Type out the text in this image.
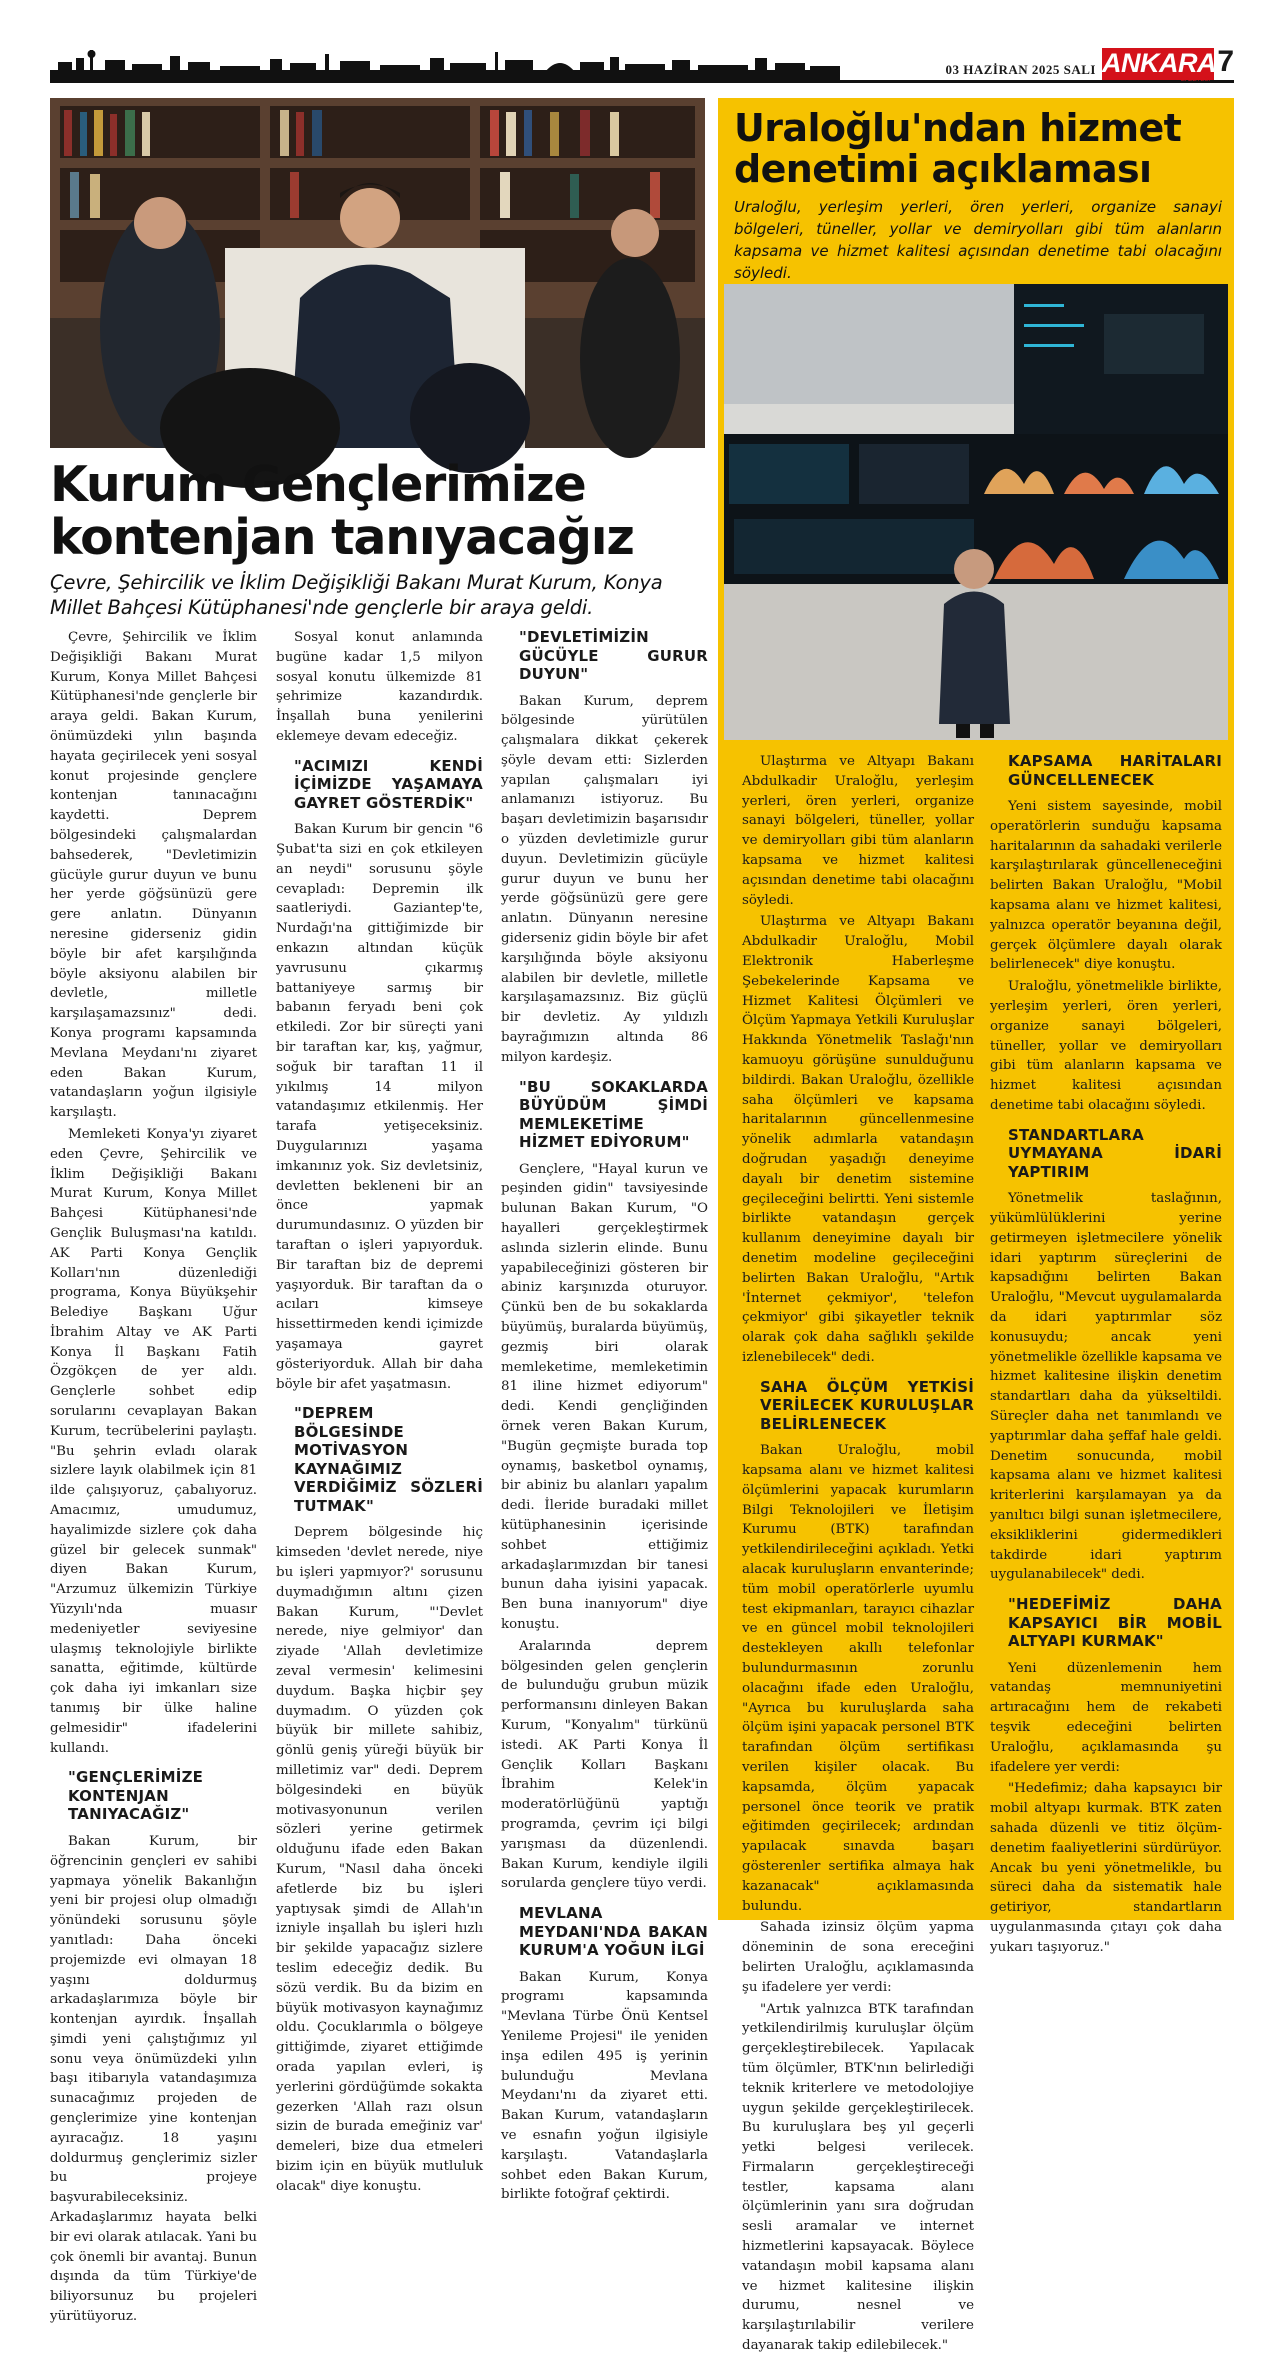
03 HAZİRAN 2025 SALI ANKARA
GAZETESİ
7
Kurum Gençlerimize
kontenjan tanıyacağız
Çevre, Şehircilik ve İklim Değişikliği Bakanı Murat Kurum, Konya Millet Bahçesi Kütüphanesi'nde gençlerle bir araya geldi.

Çevre, Şehircilik ve İklim Değişikliği Bakanı Murat Kurum, Konya Millet Bahçesi Kütüphanesi'nde gençlerle bir araya geldi. Bakan Kurum, önümüzdeki yılın başında hayata geçirilecek yeni sosyal konut projesinde gençlere kontenjan tanınacağını kaydetti. Deprem bölgesindeki çalışmalardan bahsederek, "Devletimizin gücüyle gurur duyun ve bunu her yerde göğsünüzü gere gere anlatın. Dünyanın neresine giderseniz gidin böyle bir afet karşılığında böyle aksiyonu alabilen bir devletle, milletle karşılaşamazsınız" dedi. Konya programı kapsamında Mevlana Meydanı'nı ziyaret eden Bakan Kurum, vatandaşların yoğun ilgisiyle karşılaştı.

Memleketi Konya'yı ziyaret eden Çevre, Şehircilik ve İklim Değişikliği Bakanı Murat Kurum, Konya Millet Bahçesi Kütüphanesi'nde Gençlik Buluşması'na katıldı. AK Parti Konya Gençlik Kolları'nın düzenlediği programa, Konya Büyükşehir Belediye Başkanı Uğur İbrahim Altay ve AK Parti Konya İl Başkanı Fatih Özgökçen de yer aldı. Gençlerle sohbet edip sorularını cevaplayan Bakan Kurum, tecrübelerini paylaştı. "Bu şehrin evladı olarak sizlere layık olabilmek için 81 ilde çalışıyoruz, çabalıyoruz. Amacımız, umudumuz, hayalimizde sizlere çok daha güzel bir gelecek sunmak" diyen Bakan Kurum, "Arzumuz ülkemizin Türkiye Yüzyılı'nda muasır medeniyetler seviyesine ulaşmış teknolojiyle birlikte sanatta, eğitimde, kültürde çok daha iyi imkanları size tanımış bir ülke haline gelmesidir" ifadelerini kullandı.

"GENÇLERİMİZE KONTENJAN TANIYACAĞIZ"

Bakan Kurum, bir öğrencinin gençleri ev sahibi yapmaya yönelik Bakanlığın yeni bir projesi olup olmadığı yönündeki sorusunu şöyle yanıtladı: Daha önceki projemizde evi olmayan 18 yaşını doldurmuş arkadaşlarımıza böyle bir kontenjan ayırdık. İnşallah şimdi yeni çalıştığımız yıl sonu veya önümüzdeki yılın başı itibarıyla vatandaşımıza sunacağımız projeden de gençlerimize yine kontenjan ayıracağız. 18 yaşını doldurmuş gençlerimiz sizler bu projeye başvurabileceksiniz. Arkadaşlarımız hayata belki bir evi olarak atılacak. Yani bu çok önemli bir avantaj. Bunun dışında da tüm Türkiye'de biliyorsunuz bu projeleri yürütüyoruz.

Sosyal konut anlamında bugüne kadar 1,5 milyon sosyal konutu ülkemizde 81 şehrimize kazandırdık. İnşallah buna yenilerini eklemeye devam edeceğiz.

"ACIMIZI KENDİ İÇİMİZDE YAŞAMAYA GAYRET GÖSTERDİK"

Bakan Kurum bir gencin "6 Şubat'ta sizi en çok etkileyen an neydi" sorusunu şöyle cevapladı: Depremin ilk saatleriydi. Gaziantep'te, Nurdağı'na gittiğimizde bir enkazın altından küçük yavrusunu çıkarmış battaniyeye sarmış bir babanın feryadı beni çok etkiledi. Zor bir süreçti yani bir taraftan kar, kış, yağmur, soğuk bir taraftan 11 il yıkılmış 14 milyon vatandaşımız etkilenmiş. Her tarafa yetişeceksiniz. Duygularınızı yaşama imkanınız yok. Siz devletsiniz, devletten bekleneni bir an önce yapmak durumundasınız. O yüzden bir taraftan o işleri yapıyorduk. Bir taraftan biz de depremi yaşıyorduk. Bir taraftan da o acıları kimseye hissettirmeden kendi içimizde yaşamaya gayret gösteriyorduk. Allah bir daha böyle bir afet yaşatmasın.

"DEPREM BÖLGESİNDE MOTİVASYON KAYNAĞIMIZ VERDİĞİMİZ SÖZLERİ TUTMAK"

Deprem bölgesinde hiç kimseden 'devlet nerede, niye bu işleri yapmıyor?' sorusunu duymadığımın altını çizen Bakan Kurum, "'Devlet nerede, niye gelmiyor' dan ziyade 'Allah devletimize zeval vermesin' kelimesini duydum. Başka hiçbir şey duymadım. O yüzden çok büyük bir millete sahibiz, gönlü geniş yüreği büyük bir milletimiz var" dedi. Deprem bölgesindeki en büyük motivasyonunun verilen sözleri yerine getirmek olduğunu ifade eden Bakan Kurum, "Nasıl daha önceki afetlerde biz bu işleri yaptıysak şimdi de Allah'ın izniyle inşallah bu işleri hızlı bir şekilde yapacağız sizlere teslim edeceğiz dedik. Bu sözü verdik. Bu da bizim en büyük motivasyon kaynağımız oldu. Çocuklarımla o bölgeye gittiğimde, ziyaret ettiğimde orada yapılan evleri, iş yerlerini gördüğümde sokakta gezerken 'Allah razı olsun sizin de burada emeğiniz var' demeleri, bize dua etmeleri bizim için en büyük mutluluk olacak" diye konuştu.

"DEVLETİMİZİN GÜCÜYLE GURUR DUYUN"

Bakan Kurum, deprem bölgesinde yürütülen çalışmalara dikkat çekerek şöyle devam etti: Sizlerden yapılan çalışmaları iyi anlamanızı istiyoruz. Bu başarı devletimizin başarısıdır o yüzden devletimizle gurur duyun. Devletimizin gücüyle gurur duyun ve bunu her yerde göğsünüzü gere gere anlatın. Dünyanın neresine giderseniz gidin böyle bir afet karşılığında böyle aksiyonu alabilen bir devletle, milletle karşılaşamazsınız. Biz güçlü bir devletiz. Ay yıldızlı bayrağımızın altında 86 milyon kardeşiz.

"BU SOKAKLARDA BÜYÜDÜM ŞİMDİ MEMLEKETİME HİZMET EDİYORUM"

Gençlere, "Hayal kurun ve peşinden gidin" tavsiyesinde bulunan Bakan Kurum, "O hayalleri gerçekleştirmek aslında sizlerin elinde. Bunu yapabileceğinizi gösteren bir abiniz karşınızda oturuyor. Çünkü ben de bu sokaklarda büyümüş, buralarda büyümüş, gezmiş biri olarak memleketime, memleketimin 81 iline hizmet ediyorum" dedi. Kendi gençliğinden örnek veren Bakan Kurum, "Bugün geçmişte burada top oynamış, basketbol oynamış, bir abiniz bu alanları yapalım dedi. İleride buradaki millet kütüphanesinin içerisinde sohbet ettiğimiz arkadaşlarımızdan bir tanesi bunun daha iyisini yapacak. Ben buna inanıyorum" diye konuştu.

Aralarında deprem bölgesinden gelen gençlerin de bulunduğu grubun müzik performansını dinleyen Bakan Kurum, "Konyalım" türkünü istedi. AK Parti Konya İl Gençlik Kolları Başkanı İbrahim Kelek'in moderatörlüğünü yaptığı programda, çevrim içi bilgi yarışması da düzenlendi. Bakan Kurum, kendiyle ilgili sorularda gençlere tüyo verdi.

MEVLANA MEYDANI'NDA BAKAN KURUM'A YOĞUN İLGİ

Bakan Kurum, Konya programı kapsamında "Mevlana Türbe Önü Kentsel Yenileme Projesi" ile yeniden inşa edilen 495 iş yerinin bulunduğu Mevlana Meydanı'nı da ziyaret etti. Bakan Kurum, vatandaşların ve esnafın yoğun ilgisiyle karşılaştı. Vatandaşlarla sohbet eden Bakan Kurum, birlikte fotoğraf çektirdi.

Uraloğlu'ndan hizmet denetimi açıklaması
Uraloğlu, yerleşim yerleri, ören yerleri, organize sanayi bölgeleri, tüneller, yollar ve demiryolları gibi tüm alanların kapsama ve hizmet kalitesi açısından denetime tabi olacağını söyledi.

Ulaştırma ve Altyapı Bakanı Abdulkadir Uraloğlu, yerleşim yerleri, ören yerleri, organize sanayi bölgeleri, tüneller, yollar ve demiryolları gibi tüm alanların kapsama ve hizmet kalitesi açısından denetime tabi olacağını söyledi.

Ulaştırma ve Altyapı Bakanı Abdulkadir Uraloğlu, Mobil Elektronik Haberleşme Şebekelerinde Kapsama ve Hizmet Kalitesi Ölçümleri ve Ölçüm Yapmaya Yetkili Kuruluşlar Hakkında Yönetmelik Taslağı'nın kamuoyu görüşüne sunulduğunu bildirdi. Bakan Uraloğlu, özellikle saha ölçümleri ve kapsama haritalarının güncellenmesine yönelik adımlarla vatandaşın doğrudan yaşadığı deneyime dayalı bir denetim sistemine geçileceğini belirtti. Yeni sistemle birlikte vatandaşın gerçek kullanım deneyimine dayalı bir denetim modeline geçileceğini belirten Bakan Uraloğlu, "Artık 'İnternet çekmiyor', 'telefon çekmiyor' gibi şikayetler teknik olarak çok daha sağlıklı şekilde izlenebilecek" dedi.

SAHA ÖLÇÜM YETKİSİ VERİLECEK KURULUŞLAR BELİRLENECEK

Bakan Uraloğlu, mobil kapsama alanı ve hizmet kalitesi ölçümlerini yapacak kurumların Bilgi Teknolojileri ve İletişim Kurumu (BTK) tarafından yetkilendirileceğini açıkladı. Yetki alacak kuruluşların envanterinde; tüm mobil operatörlerle uyumlu test ekipmanları, tarayıcı cihazlar ve en güncel mobil teknolojileri destekleyen akıllı telefonlar bulundurmasının zorunlu olacağını ifade eden Uraloğlu, "Ayrıca bu kuruluşlarda saha ölçüm işini yapacak personel BTK tarafından ölçüm sertifikası verilen kişiler olacak. Bu kapsamda, ölçüm yapacak personel önce teorik ve pratik eğitimden geçirilecek; ardından yapılacak sınavda başarı gösterenler sertifika almaya hak kazanacak" açıklamasında bulundu.

Sahada izinsiz ölçüm yapma döneminin de sona ereceğini belirten Uraloğlu, açıklamasında şu ifadelere yer verdi:

"Artık yalnızca BTK tarafından yetkilendirilmiş kuruluşlar ölçüm gerçekleştirebilecek. Yapılacak tüm ölçümler, BTK'nın belirlediği teknik kriterlere ve metodolojiye uygun şekilde gerçekleştirilecek. Bu kuruluşlara beş yıl geçerli yetki belgesi verilecek. Firmaların gerçekleştireceği testler, kapsama alanı ölçümlerinin yanı sıra doğrudan sesli aramalar ve internet hizmetlerini kapsayacak. Böylece vatandaşın mobil kapsama alanı ve hizmet kalitesine ilişkin durumu, nesnel ve karşılaştırılabilir verilere dayanarak takip edilebilecek."

KAPSAMA HARİTALARI GÜNCELLENECEK

Yeni sistem sayesinde, mobil operatörlerin sunduğu kapsama haritalarının da sahadaki verilerle karşılaştırılarak güncelleneceğini belirten Bakan Uraloğlu, "Mobil kapsama alanı ve hizmet kalitesi, yalnızca operatör beyanına değil, gerçek ölçümlere dayalı olarak belirlenecek" diye konuştu.

Uraloğlu, yönetmelikle birlikte, yerleşim yerleri, ören yerleri, organize sanayi bölgeleri, tüneller, yollar ve demiryolları gibi tüm alanların kapsama ve hizmet kalitesi açısından denetime tabi olacağını söyledi.

STANDARTLARA UYMAYANA İDARİ YAPTIRIM

Yönetmelik taslağının, yükümlülüklerini yerine getirmeyen işletmecilere yönelik idari yaptırım süreçlerini de kapsadığını belirten Bakan Uraloğlu, "Mevcut uygulamalarda da idari yaptırımlar söz konusuydu; ancak yeni yönetmelikle özellikle kapsama ve hizmet kalitesine ilişkin denetim standartları daha da yükseltildi. Süreçler daha net tanımlandı ve yaptırımlar daha şeffaf hale geldi. Denetim sonucunda, mobil kapsama alanı ve hizmet kalitesi kriterlerini karşılamayan ya da yanıltıcı bilgi sunan işletmecilere, eksikliklerini gidermedikleri takdirde idari yaptırım uygulanabilecek" dedi.

"HEDEFİMİZ DAHA KAPSAYICI BİR MOBİL ALTYAPI KURMAK"

Yeni düzenlemenin hem vatandaş memnuniyetini artıracağını hem de rekabeti teşvik edeceğini belirten Uraloğlu, açıklamasında şu ifadelere yer verdi:

"Hedefimiz; daha kapsayıcı bir mobil altyapı kurmak. BTK zaten sahada düzenli ve titiz ölçüm-denetim faaliyetlerini sürdürüyor. Ancak bu yeni yönetmelikle, bu süreci daha da sistematik hale getiriyor, standartların uygulanmasında çıtayı çok daha yukarı taşıyoruz."
